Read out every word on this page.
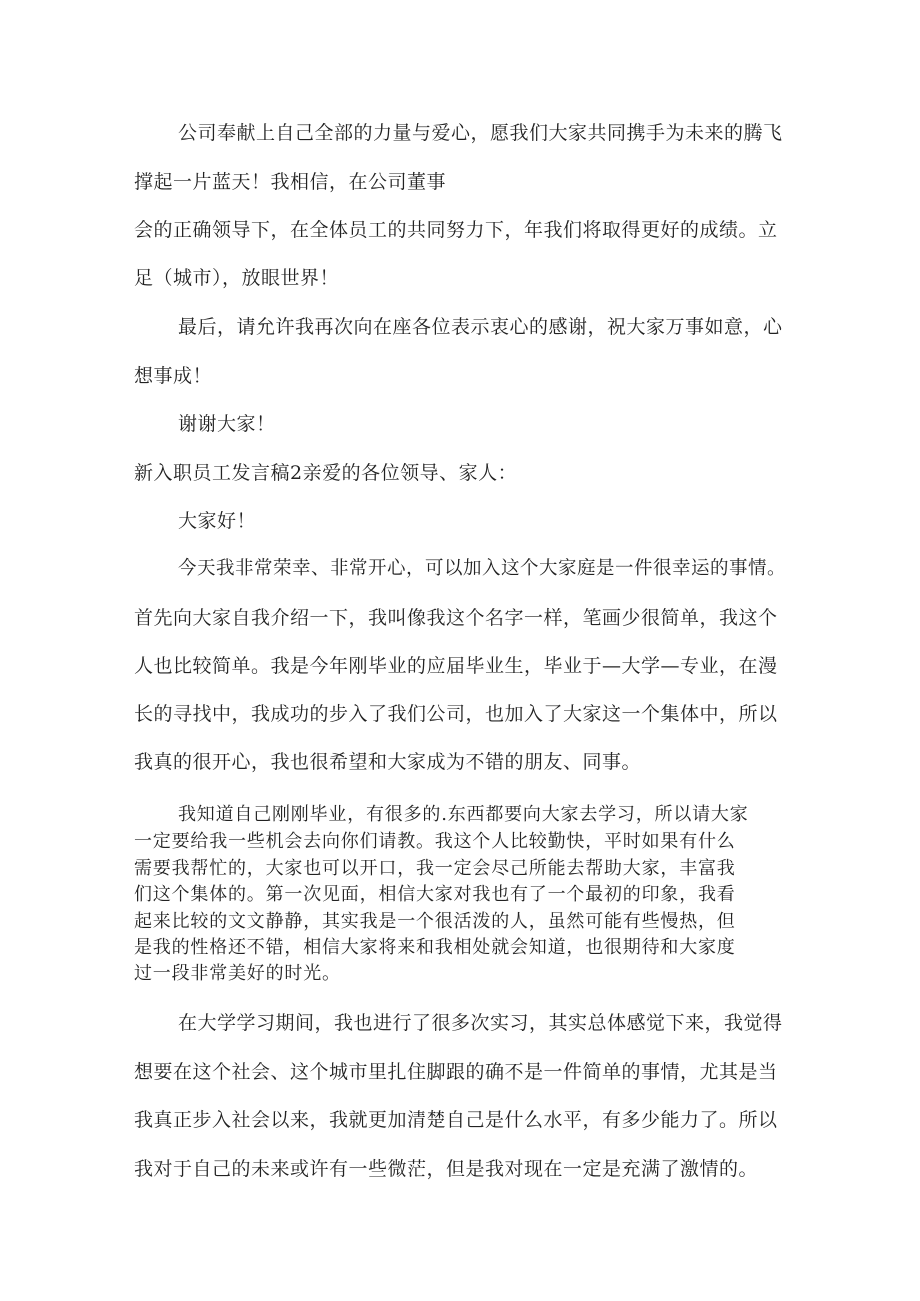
公司奉献上自己全部的力量与爱心，愿我们大家共同携手为未来的腾飞

撑起一片蓝天！我相信，在公司董事

会的正确领导下，在全体员工的共同努力下，年我们将取得更好的成绩。立

足（城市），放眼世界！

最后，请允许我再次向在座各位表示衷心的感谢，祝大家万事如意，心

想事成！

谢谢大家！

新入职员工发言稿2亲爱的各位领导、家人：

大家好！

今天我非常荣幸、非常开心，可以加入这个大家庭是一件很幸运的事情。

首先向大家自我介绍一下，我叫像我这个名字一样，笔画少很简单，我这个

人也比较简单。我是今年刚毕业的应届毕业生，毕业于—大学—专业，在漫

长的寻找中，我成功的步入了我们公司，也加入了大家这一个集体中，所以

我真的很开心，我也很希望和大家成为不错的朋友、同事。

我知道自己刚刚毕业，有很多的.东西都要向大家去学习，所以请大家

一定要给我一些机会去向你们请教。我这个人比较勤快，平时如果有什么

需要我帮忙的，大家也可以开口，我一定会尽己所能去帮助大家，丰富我

们这个集体的。第一次见面，相信大家对我也有了一个最初的印象，我看

起来比较的文文静静，其实我是一个很活泼的人，虽然可能有些慢热，但

是我的性格还不错，相信大家将来和我相处就会知道，也很期待和大家度

过一段非常美好的时光。

在大学学习期间，我也进行了很多次实习，其实总体感觉下来，我觉得

想要在这个社会、这个城市里扎住脚跟的确不是一件简单的事情，尤其是当

我真正步入社会以来，我就更加清楚自己是什么水平，有多少能力了。所以

我对于自己的未来或许有一些微茫，但是我对现在一定是充满了激情的。
